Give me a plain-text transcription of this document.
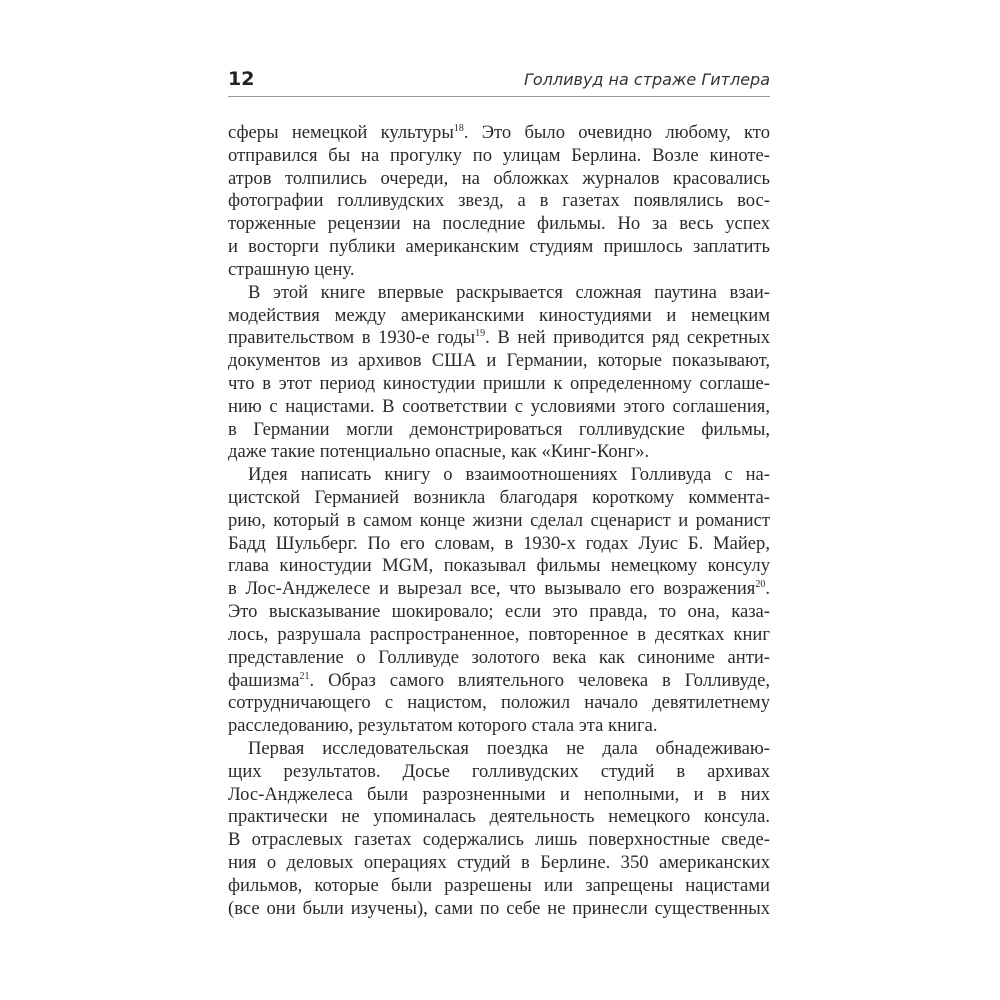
12	Голливуд на страже Гитлера
сферы немецкой культуры$^{18}$. Это было очевидно любому, кто
отправился бы на прогулку по улицам Берлина. Возле киноте-
атров толпились очереди, на обложках журналов красовались
фотографии голливудских звезд, а в газетах появлялись вос-
торженные рецензии на последние фильмы. Но за весь успех
и восторги публики американским студиям пришлось заплатить
страшную цену.
В этой книге впервые раскрывается сложная паутина взаи-
модействия между американскими киностудиями и немецким
правительством в 1930-е годы$^{19}$. В ней приводится ряд секретных
документов из архивов США и Германии, которые показывают,
что в этот период киностудии пришли к определенному соглаше-
нию с нацистами. В соответствии с условиями этого соглашения,
в Германии могли демонстрироваться голливудские фильмы,
даже такие потенциально опасные, как «Кинг-Конг».
Идея написать книгу о взаимоотношениях Голливуда с на-
цистской Германией возникла благодаря короткому коммента-
рию, который в самом конце жизни сделал сценарист и романист
Бадд Шульберг. По его словам, в 1930-х годах Луис Б. Майер,
глава киностудии MGM, показывал фильмы немецкому консулу
в Лос-Анджелесе и вырезал все, что вызывало его возражения$^{20}$.
Это высказывание шокировало; если это правда, то она, каза-
лось, разрушала распространенное, повторенное в десятках книг
представление о Голливуде золотого века как синониме анти-
фашизма$^{21}$. Образ самого влиятельного человека в Голливуде,
сотрудничающего с нацистом, положил начало девятилетнему
расследованию, результатом которого стала эта книга.
Первая исследовательская поездка не дала обнадеживаю-
щих результатов. Досье голливудских студий в архивах
Лос-Анджелеса были разрозненными и неполными, и в них
практически не упоминалась деятельность немецкого консула.
В отраслевых газетах содержались лишь поверхностные сведе-
ния о деловых операциях студий в Берлине. 350 американских
фильмов, которые были разрешены или запрещены нацистами
(все они были изучены), сами по себе не принесли существенных
